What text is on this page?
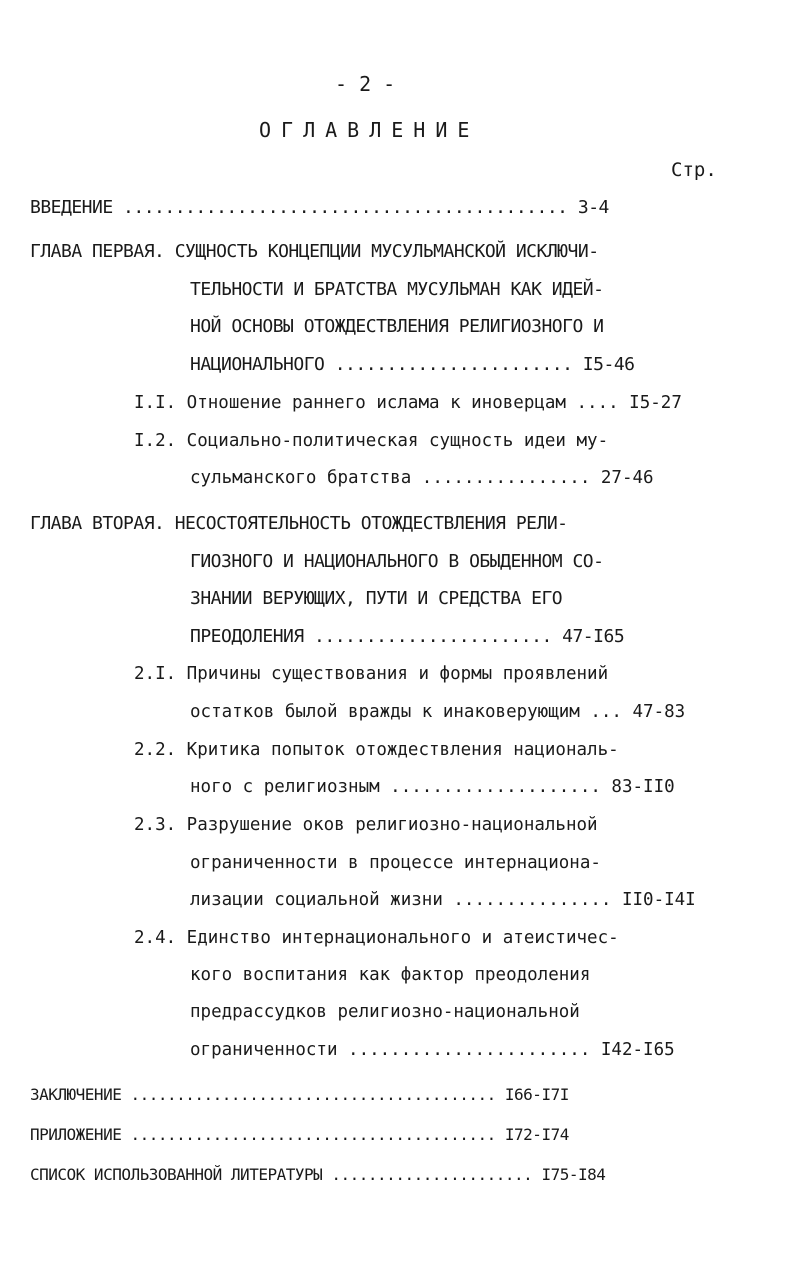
- 2 -
ОГЛАВЛЕНИЕ
Стр.
ВВЕДЕНИЕ ........................................... 3-4
ГЛАВА ПЕРВАЯ. СУЩНОСТЬ КОНЦЕПЦИИ МУСУЛЬМАНСКОЙ ИСКЛЮЧИ-
ТЕЛЬНОСТИ И БРАТСТВА МУСУЛЬМАН КАК ИДЕЙ-
НОЙ ОСНОВЫ ОТОЖДЕСТВЛЕНИЯ РЕЛИГИОЗНОГО И
НАЦИОНАЛЬНОГО ....................... I5-46
I.I. Отношение раннего ислама к иноверцам .... I5-27
I.2. Социально-политическая сущность идеи му-
сульманского братства ................ 27-46
ГЛАВА ВТОРАЯ. НЕСОСТОЯТЕЛЬНОСТЬ ОТОЖДЕСТВЛЕНИЯ РЕЛИ-
ГИОЗНОГО И НАЦИОНАЛЬНОГО В ОБЫДЕННОМ СО-
ЗНАНИИ ВЕРУЮЩИХ, ПУТИ И СРЕДСТВА ЕГО
ПРЕОДОЛЕНИЯ ....................... 47-I65
2.I. Причины существования и формы проявлений
остатков былой вражды к инаковерующим ... 47-83
2.2. Критика попыток отождествления националь-
ного с религиозным .................... 83-II0
2.3. Разрушение оков религиозно-национальной
ограниченности в процессе интернациона-
лизации социальной жизни ............... II0-I4I
2.4. Единство интернационального и атеистичес-
кого воспитания как фактор преодоления
предрассудков религиозно-национальной
ограниченности ....................... I42-I65
ЗАКЛЮЧЕНИЕ ........................................ I66-I7I
ПРИЛОЖЕНИЕ ........................................ I72-I74
СПИСОК ИСПОЛЬЗОВАННОЙ ЛИТЕРАТУРЫ ...................... I75-I84
